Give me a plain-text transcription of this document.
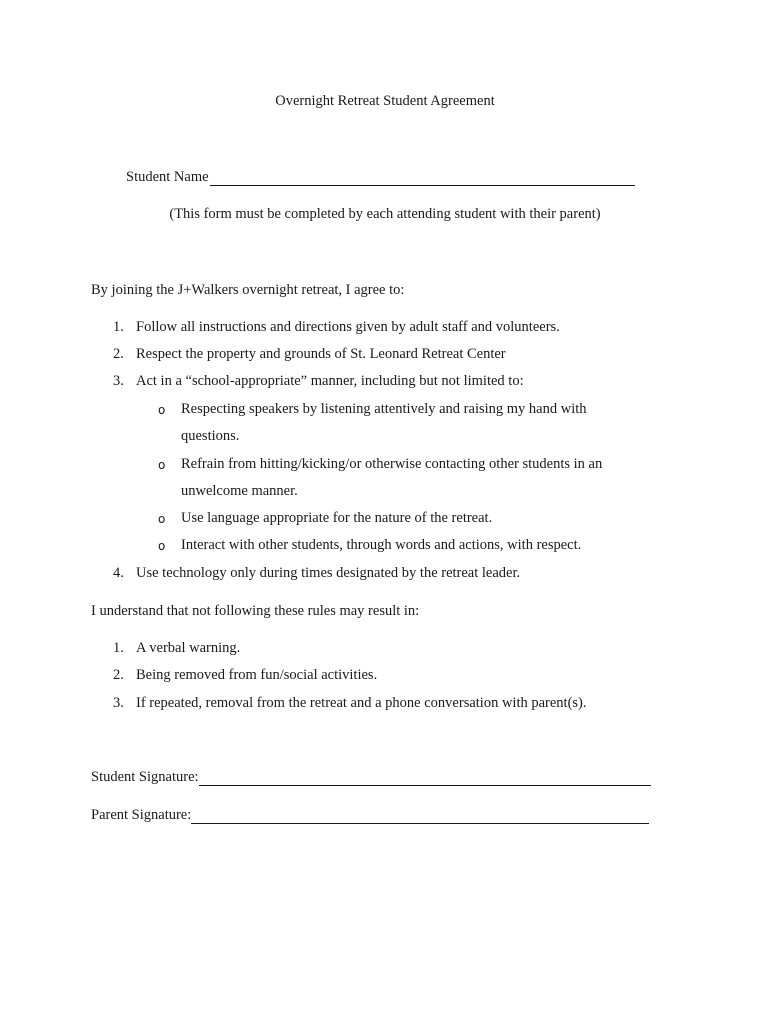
Overnight Retreat Student Agreement
Student Name
(This form must be completed by each attending student with their parent)
By joining the J+Walkers overnight retreat, I agree to:
1. Follow all instructions and directions given by adult staff and volunteers.
2. Respect the property and grounds of St. Leonard Retreat Center
3. Act in a “school-appropriate” manner, including but not limited to:
o Respecting speakers by listening attentively and raising my hand with
questions.
o Refrain from hitting/kicking/or otherwise contacting other students in an
unwelcome manner.
o Use language appropriate for the nature of the retreat.
o Interact with other students, through words and actions, with respect.
4. Use technology only during times designated by the retreat leader.
I understand that not following these rules may result in:
1. A verbal warning.
2. Being removed from fun/social activities.
3. If repeated, removal from the retreat and a phone conversation with parent(s).
Student Signature:
Parent Signature:
